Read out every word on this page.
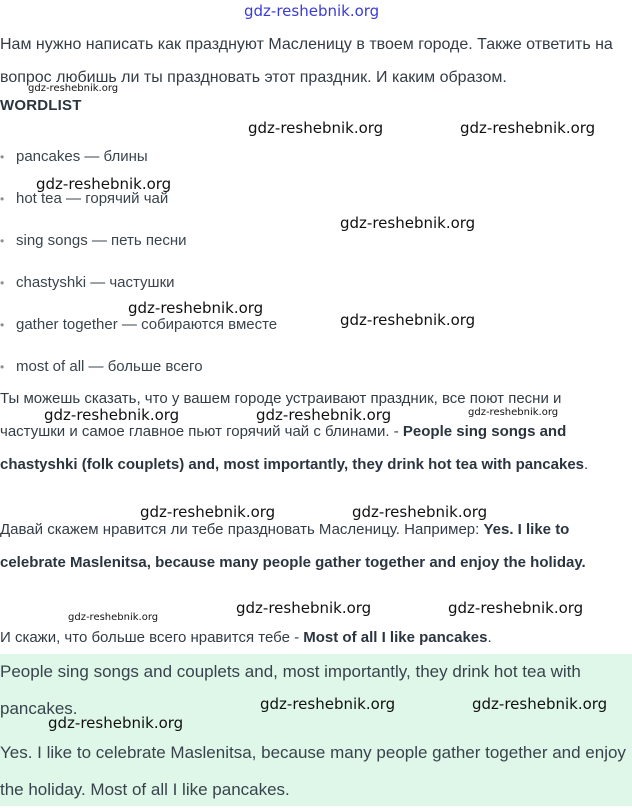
Нам нужно написать как празднуют Масленицу в твоем городе. Также ответить на вопрос любишь ли ты праздновать этот праздник. И каким образом.
WORDLIST
• pancakes — блины
• hot tea — горячий чай
• sing songs — петь песни
• chastyshki — частушки
• gather together — собираются вместе
• most of all — больше всего
Ты можешь сказать, что у вашем городе устраивают праздник, все поют песни и частушки и самое главное пьют горячий чай с блинами. - People sing songs and chastyshki (folk couplets) and, most importantly, they drink hot tea with pancakes.
Давай скажем нравится ли тебе праздновать Масленицу. Например: Yes. I like to celebrate Maslenitsa, because many people gather together and enjoy the holiday.
И скажи, что больше всего нравится тебе - Most of all I like pancakes.

People sing songs and couplets and, most importantly, they drink hot tea with pancakes.

Yes. I like to celebrate Maslenitsa, because many people gather together and enjoy the holiday. Most of all I like pancakes.

gdz-reshebnik.org
gdz-reshebnik.org
gdz-reshebnik.org	gdz-reshebnik.org
gdz-reshebnik.org
gdz-reshebnik.org
gdz-reshebnik.org
gdz-reshebnik.org
gdz-reshebnik.org	gdz-reshebnik.org	gdz-reshebnik.org
gdz-reshebnik.org	gdz-reshebnik.org
gdz-reshebnik.org
gdz-reshebnik.org	gdz-reshebnik.org
gdz-reshebnik.org	gdz-reshebnik.org
gdz-reshebnik.org
